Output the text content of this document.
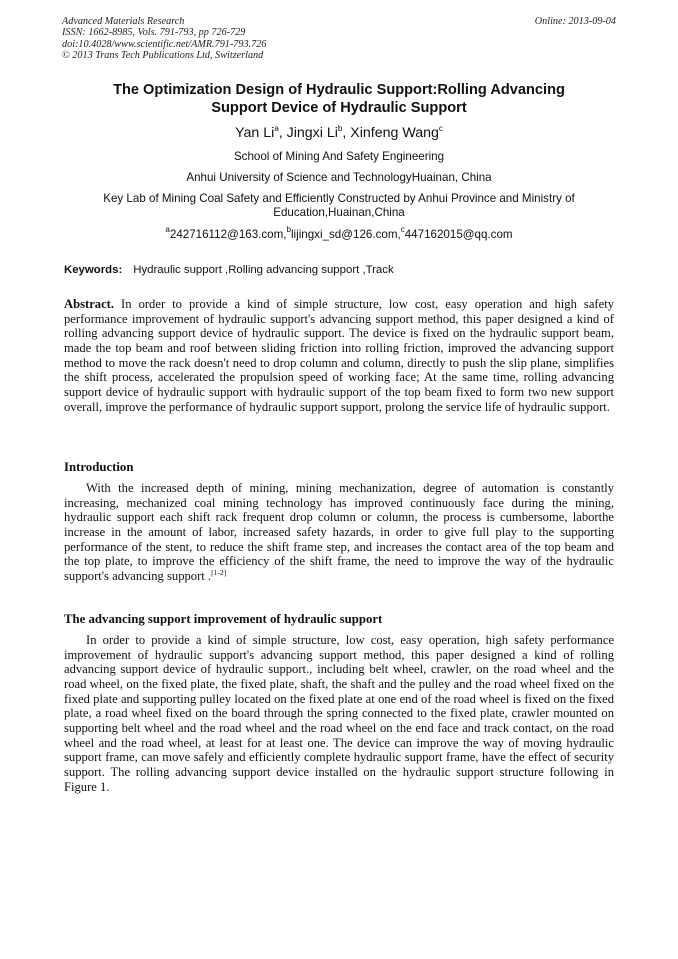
Advanced Materials Research
ISSN: 1662-8985, Vols. 791-793, pp 726-729
doi:10.4028/www.scientific.net/AMR.791-793.726
© 2013 Trans Tech Publications Ltd, Switzerland
Online: 2013-09-04
The Optimization Design of Hydraulic Support:Rolling Advancing
Support Device of Hydraulic Support
Yan Li$^a$, Jingxi Li$^b$, Xinfeng Wang$^c$
School of Mining And Safety Engineering
Anhui University of Science and TechnologyHuainan, China
Key Lab of Mining Coal Safety and Efficiently Constructed by Anhui Province and Ministry of Education,Huainan,China
$^a$242716112@163.com,$^b$lijingxi_sd@126.com,$^c$447162015@qq.com
Keywords: Hydraulic support ,Rolling advancing support ,Track
Abstract. In order to provide a kind of simple structure, low cost, easy operation and high safety performance improvement of hydraulic support's advancing support method, this paper designed a kind of rolling advancing support device of hydraulic support. The device is fixed on the hydraulic support beam, made the top beam and roof between sliding friction into rolling friction, improved the advancing support method to move the rack doesn't need to drop column and column, directly to push the slip plane, simplifies the shift process, accelerated the propulsion speed of working face; At the same time, rolling advancing support device of hydraulic support with hydraulic support of the top beam fixed to form two new support overall, improve the performance of hydraulic support support, prolong the service life of hydraulic support.
Introduction
With the increased depth of mining, mining mechanization, degree of automation is constantly increasing, mechanized coal mining technology has improved continuously face during the mining, hydraulic support each shift rack frequent drop column or column, the process is cumbersome, laborthe increase in the amount of labor, increased safety hazards, in order to give full play to the supporting performance of the stent, to reduce the shift frame step, and increases the contact area of the top beam and the top plate, to improve the efficiency of the shift frame, the need to improve the way of the hydraulic support's advancing support .[1-2]
The advancing support improvement of hydraulic support
In order to provide a kind of simple structure, low cost, easy operation, high safety performance improvement of hydraulic support's advancing support method, this paper designed a kind of rolling advancing support device of hydraulic support., including belt wheel, crawler, on the road wheel and the road wheel, on the fixed plate, the fixed plate, shaft, the shaft and the pulley and the road wheel fixed on the fixed plate and supporting pulley located on the fixed plate at one end of the road wheel is fixed on the fixed plate, a road wheel fixed on the board through the spring connected to the fixed plate, crawler mounted on supporting belt wheel and the road wheel and the road wheel on the end face and track contact, on the road wheel and the road wheel, at least for at least one. The device can improve the way of moving hydraulic support frame, can move safely and efficiently complete hydraulic support frame, have the effect of security support. The rolling advancing support device installed on the hydraulic support structure following in Figure 1.
